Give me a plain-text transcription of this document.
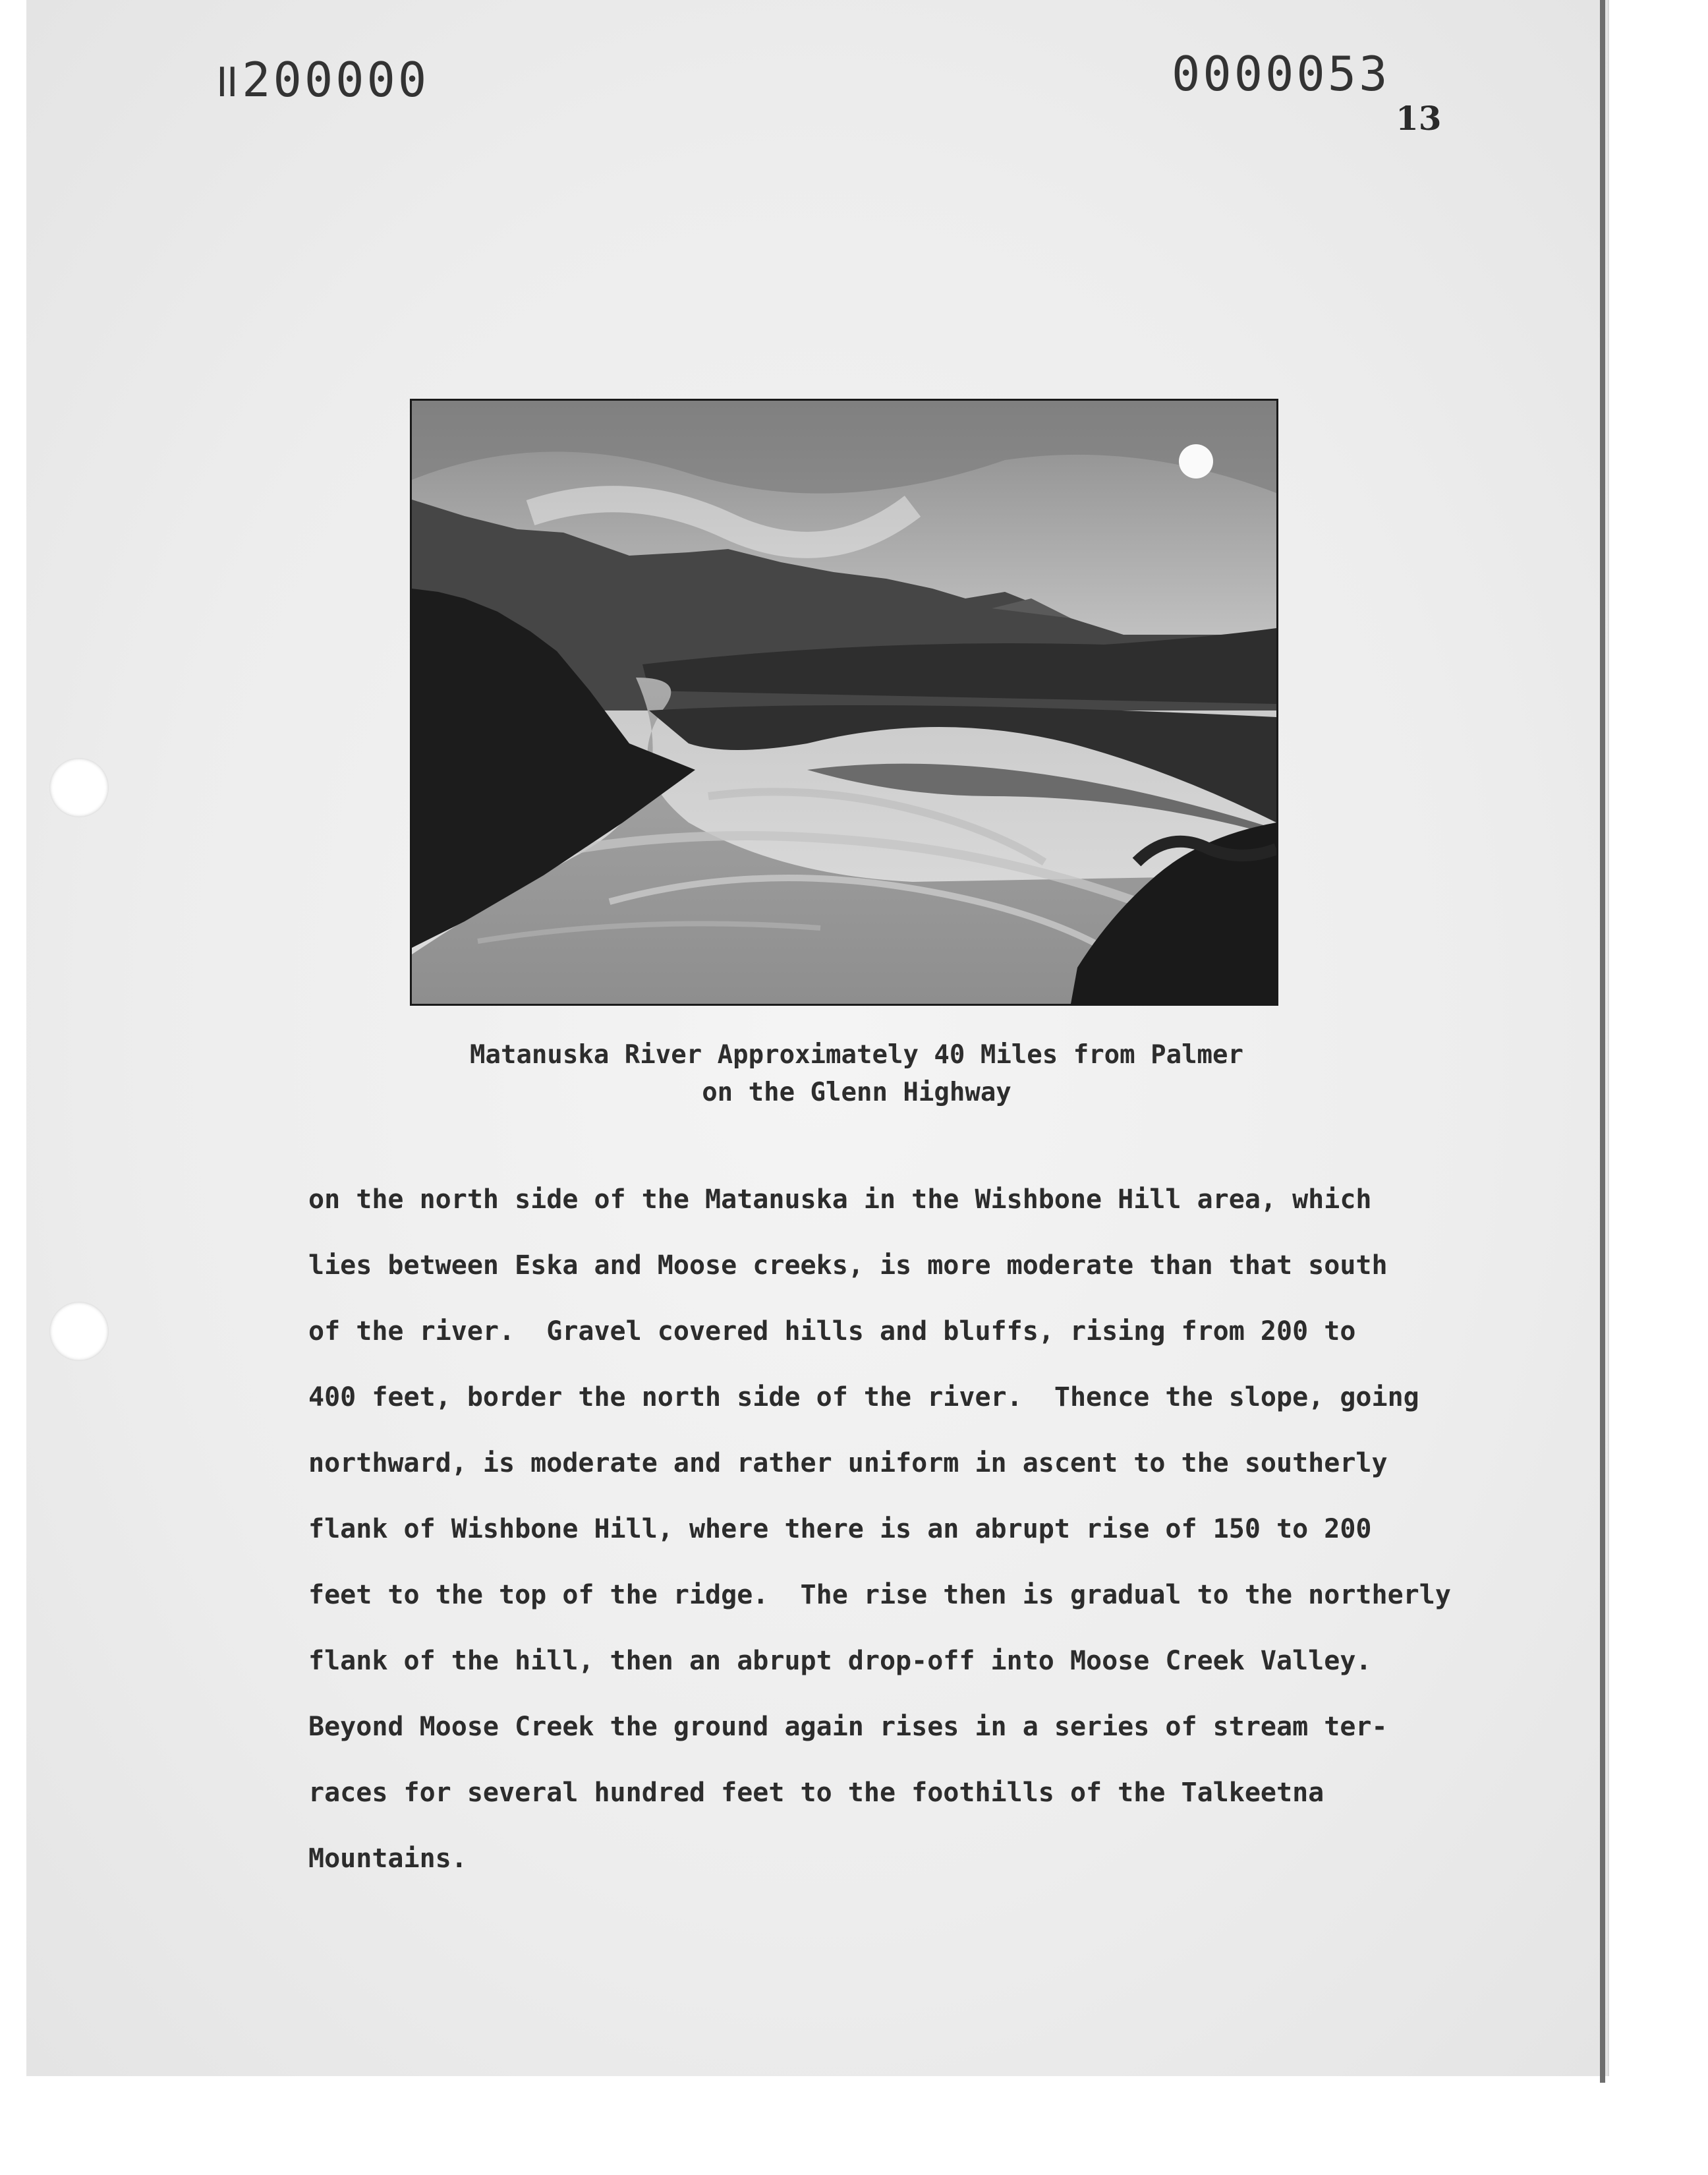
॥200000	0000053
13
Matanuska River Approximately 40 Miles from Palmer
on the Glenn Highway
on the north side of the Matanuska in the Wishbone Hill area, which
lies between Eska and Moose creeks, is more moderate than that south
of the river.  Gravel covered hills and bluffs, rising from 200 to
400 feet, border the north side of the river.  Thence the slope, going
northward, is moderate and rather uniform in ascent to the southerly
flank of Wishbone Hill, where there is an abrupt rise of 150 to 200
feet to the top of the ridge.  The rise then is gradual to the northerly
flank of the hill, then an abrupt drop-off into Moose Creek Valley.
Beyond Moose Creek the ground again rises in a series of stream ter-
races for several hundred feet to the foothills of the Talkeetna
Mountains.
